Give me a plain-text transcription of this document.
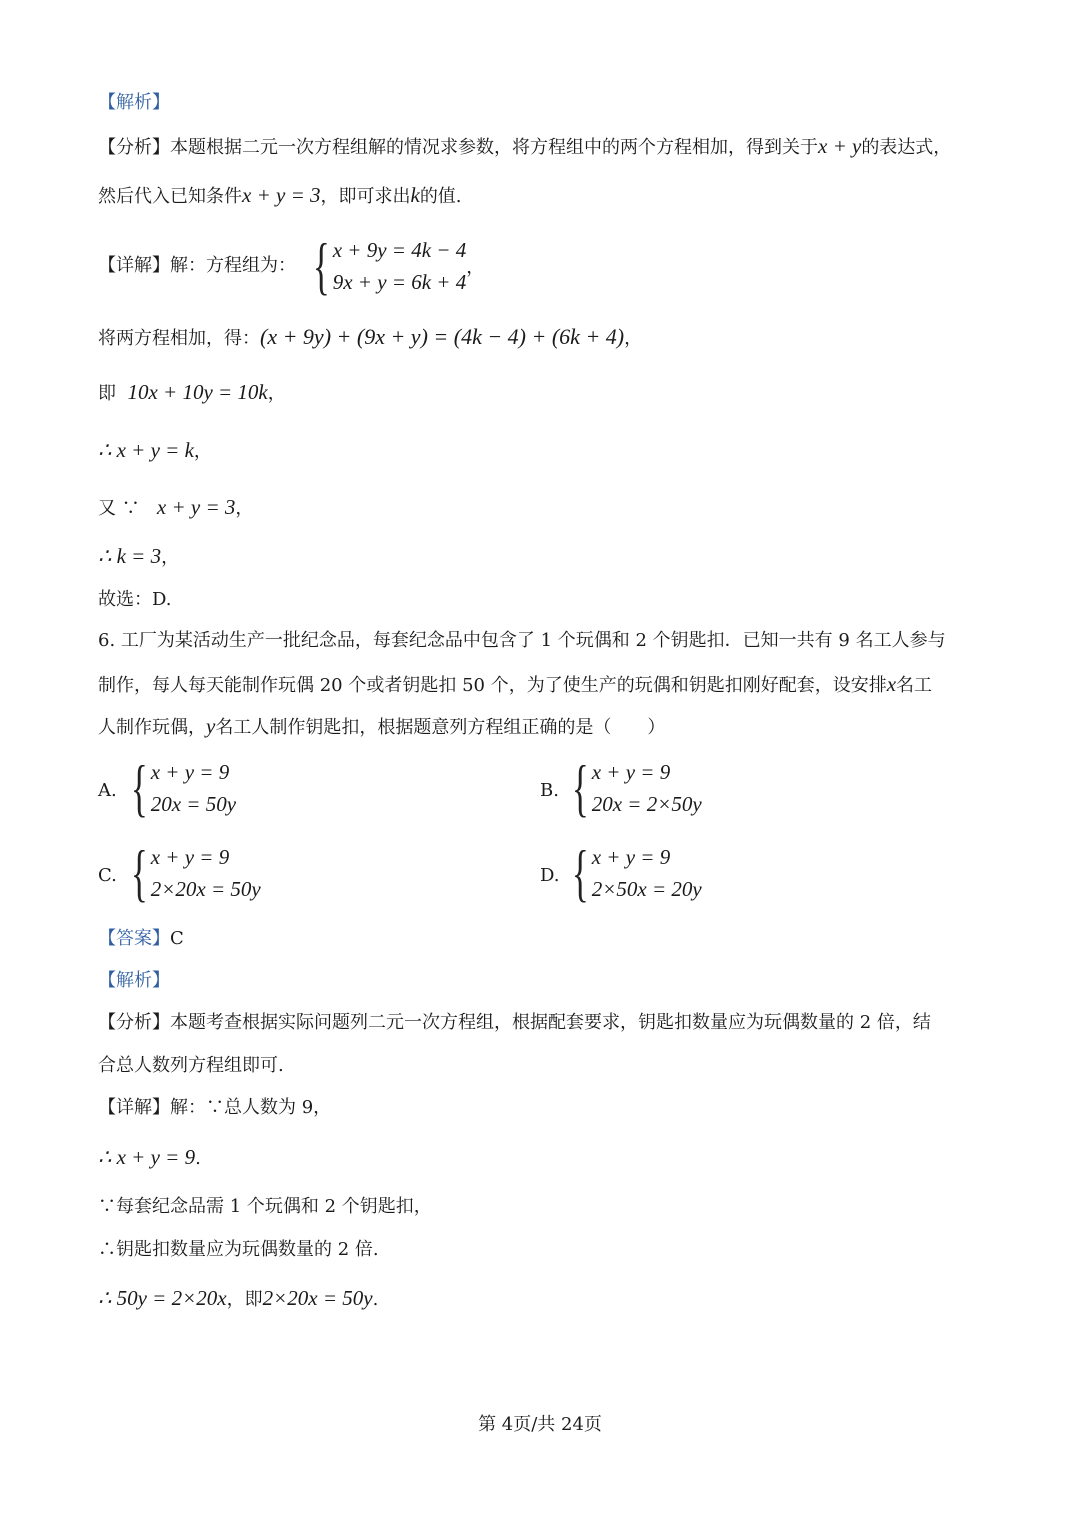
【解析】
【分析】本题根据二元一次方程组解的情况求参数，将方程组中的两个方程相加，得到关于x + y的表达式，
然后代入已知条件x + y = 3，即可求出k的值.
【详解】解：方程组为： { x + 9y = 4k − 4
9x + y = 6k + 4
，
将两方程相加，得：(x + 9y) + (9x + y) = (4k − 4) + (6k + 4)，
即 10x + 10y = 10k，
∴ x + y = k，
又 ∵ x + y = 3，
∴ k = 3，
故选：D.
6. 工厂为某活动生产一批纪念品，每套纪念品中包含了 1 个玩偶和 2 个钥匙扣．已知一共有 9 名工人参与
制作，每人每天能制作玩偶 20 个或者钥匙扣 50 个，为了使生产的玩偶和钥匙扣刚好配套，设安排x名工
人制作玩偶，y名工人制作钥匙扣，根据题意列方程组正确的是（　　）
A. { x + y = 9
20x = 50y
B. { x + y = 9
20x = 2×50y
C. { x + y = 9
2×20x = 50y
D. { x + y = 9
2×50x = 20y
【答案】C
【解析】
【分析】本题考查根据实际问题列二元一次方程组，根据配套要求，钥匙扣数量应为玩偶数量的 2 倍，结
合总人数列方程组即可.
【详解】解：∵总人数为 9，
∴ x + y = 9.
∵每套纪念品需 1 个玩偶和 2 个钥匙扣，
∴钥匙扣数量应为玩偶数量的 2 倍.
∴ 50y = 2×20x，即2×20x = 50y.
第 4页/共 24页
